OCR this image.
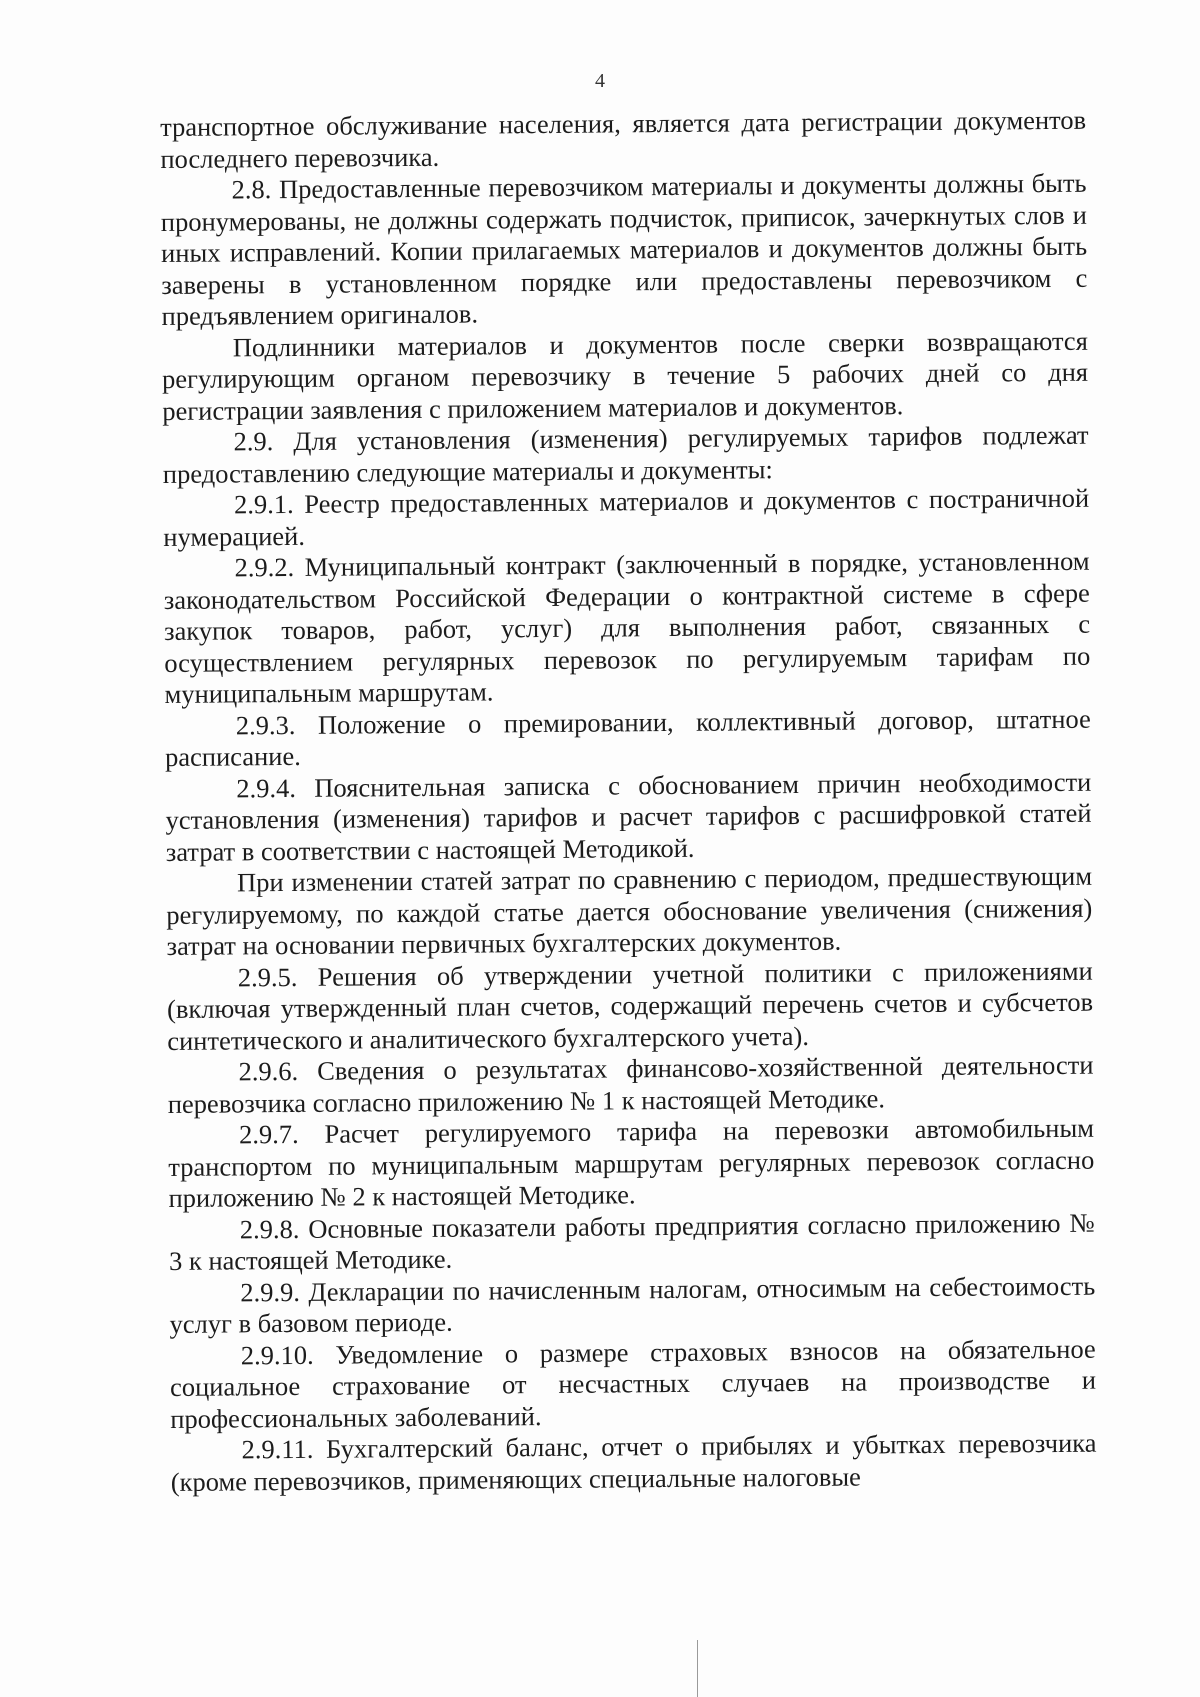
4

транспортное обслуживание населения, является дата регистрации документов последнего перевозчика.

2.8. Предоставленные перевозчиком материалы и документы должны быть пронумерованы, не должны содержать подчисток, приписок, зачеркнутых слов и иных исправлений. Копии прилагаемых материалов и документов должны быть заверены в установленном порядке или предоставлены перевозчиком с предъявлением оригиналов.

Подлинники материалов и документов после сверки возвращаются регулирующим органом перевозчику в течение 5 рабочих дней со дня регистрации заявления с приложением материалов и документов.

2.9. Для установления (изменения) регулируемых тарифов подлежат предоставлению следующие материалы и документы:

2.9.1. Реестр предоставленных материалов и документов с постраничной нумерацией.

2.9.2. Муниципальный контракт (заключенный в порядке, установленном законодательством Российской Федерации о контрактной системе в сфере закупок товаров, работ, услуг) для выполнения работ, связанных с осуществлением регулярных перевозок по регулируемым тарифам по муниципальным маршрутам.

2.9.3. Положение о премировании, коллективный договор, штатное расписание.

2.9.4. Пояснительная записка с обоснованием причин необходимости установления (изменения) тарифов и расчет тарифов с расшифровкой статей затрат в соответствии с настоящей Методикой.

При изменении статей затрат по сравнению с периодом, предшествующим регулируемому, по каждой статье дается обоснование увеличения (снижения) затрат на основании первичных бухгалтерских документов.

2.9.5. Решения об утверждении учетной политики с приложениями (включая утвержденный план счетов, содержащий перечень счетов и субсчетов синтетического и аналитического бухгалтерского учета).

2.9.6. Сведения о результатах финансово-хозяйственной деятельности перевозчика согласно приложению № 1 к настоящей Методике.

2.9.7. Расчет регулируемого тарифа на перевозки автомобильным транспортом по муниципальным маршрутам регулярных перевозок согласно приложению № 2 к настоящей Методике.

2.9.8. Основные показатели работы предприятия согласно приложению № 3 к настоящей Методике.

2.9.9. Декларации по начисленным налогам, относимым на себестоимость услуг в базовом периоде.

2.9.10. Уведомление о размере страховых взносов на обязательное социальное страхование от несчастных случаев на производстве и профессиональных заболеваний.

2.9.11. Бухгалтерский баланс, отчет о прибылях и убытках перевозчика (кроме перевозчиков, применяющих специальные налоговые
